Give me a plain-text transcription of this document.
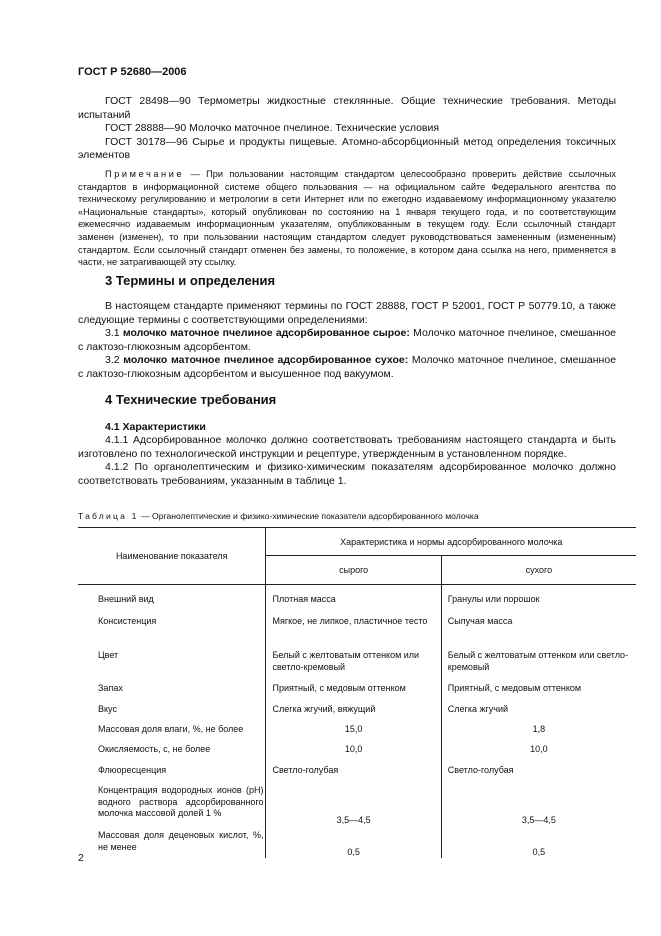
ГОСТ Р 52680—2006
ГОСТ 28498—90 Термометры жидкостные стеклянные. Общие технические требования. Методы испытаний
ГОСТ 28888—90 Молочко маточное пчелиное. Технические условия
ГОСТ 30178—96 Сырье и продукты пищевые. Атомно-абсорбционный метод определения токсичных элементов
Примечание — При пользовании настоящим стандартом целесообразно проверить действие ссылочных стандартов в информационной системе общего пользования — на официальном сайте Федерального агентства по техническому регулированию и метрологии в сети Интернет или по ежегодно издаваемому информационному указателю «Национальные стандарты», который опубликован по состоянию на 1 января текущего года, и по соответствующим ежемесячно издаваемым информационным указателям, опубликованным в текущем году. Если ссылочный стандарт заменен (изменен), то при пользовании настоящим стандартом следует руководствоваться замененным (измененным) стандартом. Если ссылочный стандарт отменен без замены, то положение, в котором дана ссылка на него, применяется в части, не затрагивающей эту ссылку.
3 Термины и определения
В настоящем стандарте применяют термины по ГОСТ 28888, ГОСТ Р 52001, ГОСТ Р 50779.10, а также следующие термины с соответствующими определениями:
3.1 молочко маточное пчелиное адсорбированное сырое: Молочко маточное пчелиное, смешанное с лактозо-глюкозным адсорбентом.
3.2 молочко маточное пчелиное адсорбированное сухое: Молочко маточное пчелиное, смешанное с лактозо-глюкозным адсорбентом и высушенное под вакуумом.
4 Технические требования
4.1 Характеристики
4.1.1 Адсорбированное молочко должно соответствовать требованиям настоящего стандарта и быть изготовлено по технологической инструкции и рецептуре, утвержденным в установленном порядке.
4.1.2 По органолептическим и физико-химическим показателям адсорбированное молочко должно соответствовать требованиям, указанным в таблице 1.
Таблица 1 — Органолептические и физико-химические показатели адсорбированного молочка
Наименование показателя	Характеристика и нормы адсорбированного молочка	
	сырого	сухого
Внешний вид	Плотная масса	Гранулы или порошок
Консистенция	Мягкое, не липкое, пластичное тесто	Сыпучая масса
Цвет	Белый с желтоватым оттенком или светло-кремовый	Белый с желтоватым оттенком или светло-кремовый
Запах	Приятный, с медовым оттенком	Приятный, с медовым оттенком
Вкус	Слегка жгучий, вяжущий	Слегка жгучий
Массовая доля влаги, %, не более	15,0	1,8
Окисляемость, с, не более	10,0	10,0
Флюоресценция	Светло-голубая	Светло-голубая
Концентрация водородных ионов (pH) водного раствора адсорбированного молочка массовой долей 1 %	3,5—4,5	3,5—4,5
Массовая доля деценовых кислот, %, не менее	0,5	0,5
2
